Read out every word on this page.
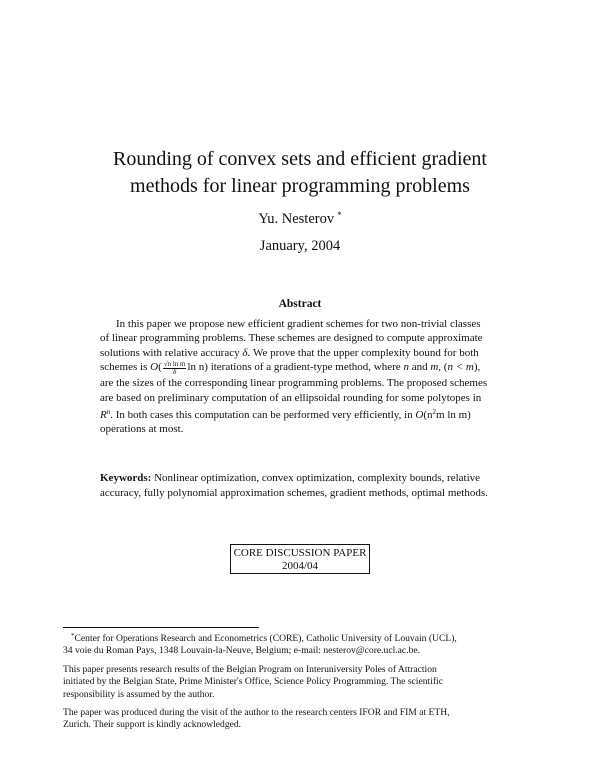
Rounding of convex sets and efficient gradient
methods for linear programming problems
Yu. Nesterov *
January, 2004
Abstract
In this paper we propose new efficient gradient schemes for two non-trivial classes
of linear programming problems. These schemes are designed to compute approximate
solutions with relative accuracy δ. We prove that the upper complexity bound for both
schemes is $O( \frac{\text{√n ln m}}{\delta}$ ln n) iterations of a gradient-type method, where n and m, (n < m),
are the sizes of the corresponding linear programming problems. The proposed schemes
are based on preliminary computation of an ellipsoidal rounding for some polytopes in
$R^n$. In both cases this computation can be performed very efficiently, in $O(n^2m$ ln m)
operations at most.
Keywords: Nonlinear optimization, convex optimization, complexity bounds, relative
accuracy, fully polynomial approximation schemes, gradient methods, optimal methods.
CORE DISCUSSION PAPER
2004/04
*Center for Operations Research and Econometrics (CORE), Catholic University of Louvain (UCL),
34 voie du Roman Pays, 1348 Louvain-la-Neuve, Belgium; e-mail: nesterov@core.ucl.ac.be.
This paper presents research results of the Belgian Program on Interuniversity Poles of Attraction
initiated by the Belgian State, Prime Minister's Office, Science Policy Programming. The scientific
responsibility is assumed by the author.
The paper was produced during the visit of the author to the research centers IFOR and FIM at ETH,
Zurich. Their support is kindly acknowledged.
